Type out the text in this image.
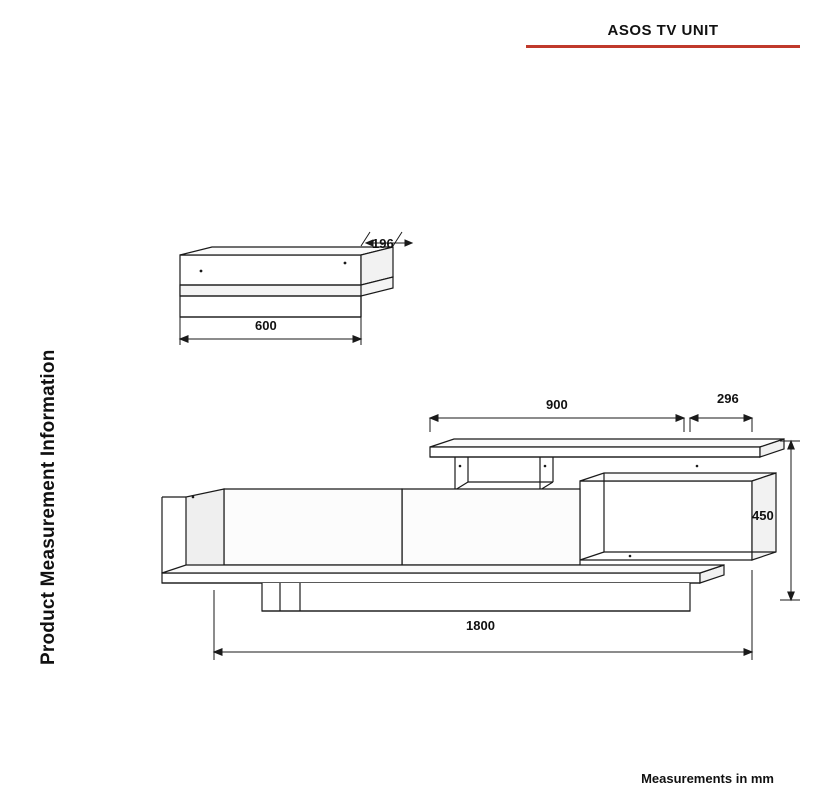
ASOS TV UNIT
Product Measurement Information
Measurements in mm
196
600
900	296
450
1800
